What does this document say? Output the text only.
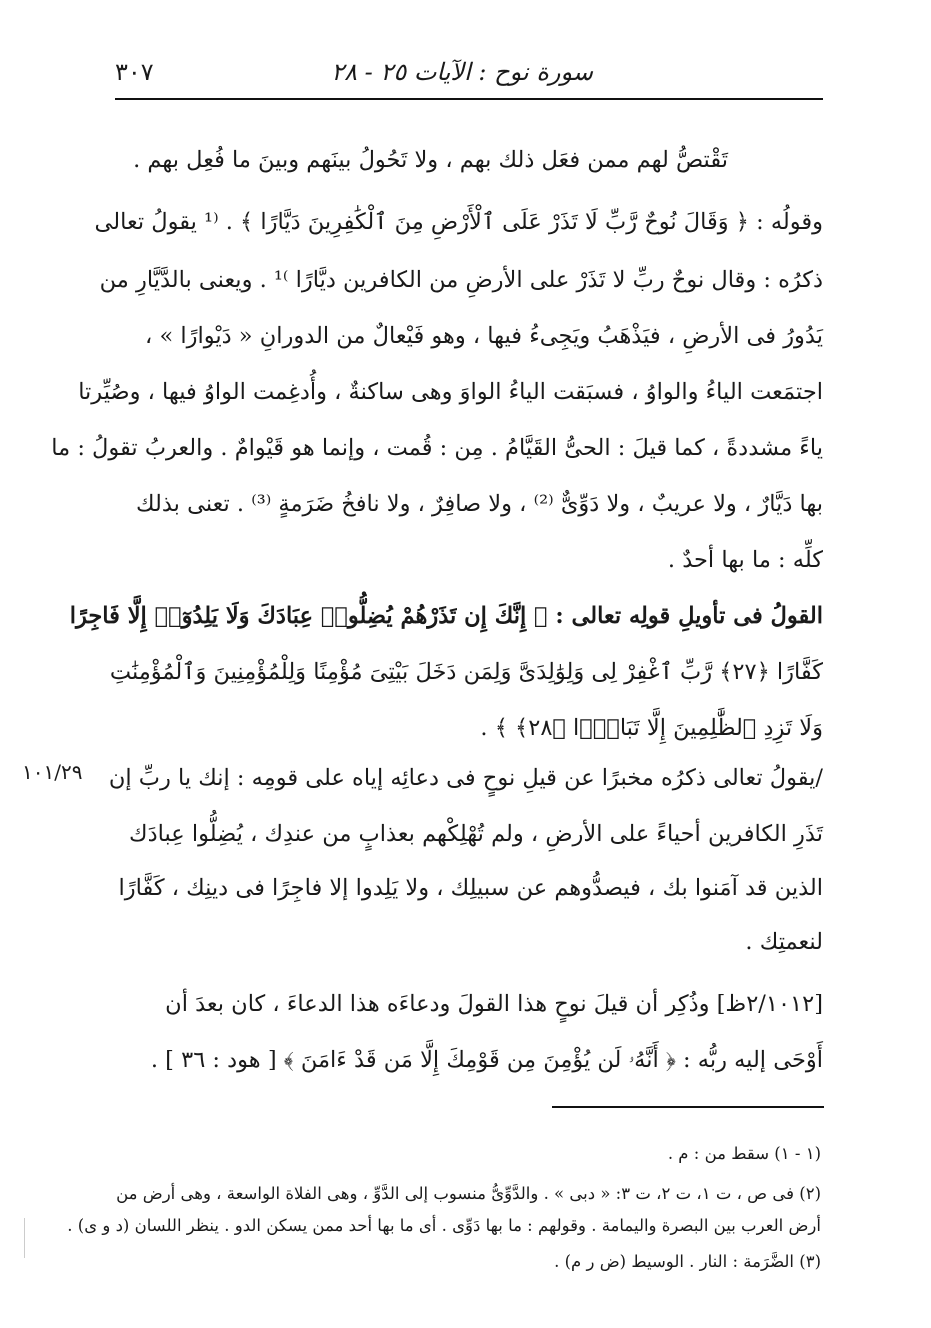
سورة نوح : الآيات ٢٥ - ٢٨
٣٠٧
١٠١/٢٩
تَقْتصُّ لهم ممن فعَل ذلك بهم ، ولا تَحُولُ بينَهم وبينَ ما فُعِل بهم .
وقولُه : ﴿ وَقَالَ نُوحٌ رَّبِّ لَا تَذَرْ عَلَى ٱلْأَرْضِ مِنَ ٱلْكَٰفِرِينَ دَيَّارًا ﴾ . ⁽¹ يقولُ تعالى
ذكرُه : وقال نوحٌ ربِّ لا تَذَرْ على الأرضِ من الكافرين ديَّارًا ⁾¹ . ويعنى بالدَّيَّارِ من
يَدُورُ فى الأرضِ ، فيَذْهَبُ ويَجِىءُ فيها ، وهو فَيْعالٌ من الدورانِ « دَيْوارًا » ،
اجتمَعت الياءُ والواوُ ، فسبَقت الياءُ الواوَ وهى ساكنةٌ ، وأُدغِمت الواوُ فيها ، وصُيِّرتا
ياءً مشددةً ، كما قيلَ : الحىُّ القَيَّامُ . مِن : قُمت ، وإنما هو قَيْوامٌ . والعربُ تقولُ : ما
بها دَيَّارٌ ، ولا عريبٌ ، ولا دَوِّىٌّ ⁽²⁾ ، ولا صافِرٌ ، ولا نافخُ ضَرَمةٍ ⁽³⁾ . تعنى بذلك
كلِّه : ما بها أحدٌ .
القولُ فى تأويلِ قولِه تعالى : ﴿ إِنَّكَ إِن تَذَرْهُمْ يُضِلُّوا۟ عِبَادَكَ وَلَا يَلِدُوٓا۟ إِلَّا فَاجِرًا
كَفَّارًا ﴿٢٧﴾ رَّبِّ ٱغْفِرْ لِى وَلِوَٰلِدَىَّ وَلِمَن دَخَلَ بَيْتِىَ مُؤْمِنًا وَلِلْمُؤْمِنِينَ وَٱلْمُؤْمِنَٰتِ
وَلَا تَزِدِ ٱلظَّٰلِمِينَ إِلَّا تَبَارًۢا ﴿٢٨﴾ ﴾ .
/يقولُ تعالى ذكرُه مخبرًا عن قيلِ نوحٍ فى دعائِه إياه على قومِه : إنك يا ربِّ إن
تَذَرِ الكافرين أحياءً على الأرضِ ، ولم تُهْلِكْهم بعذابٍ من عندِك ، يُضِلُّوا عِبادَك
الذين قد آمَنوا بك ، فيصدُّوهم عن سبيلِك ، ولا يَلِدوا إلا فاجِرًا فى دينِك ، كَفَّارًا
لنعمتِك .
[٢/١٠١٢ظ] وذُكِر أن قيلَ نوحٍ هذا القولَ ودعاءَه هذا الدعاءَ ، كان بعدَ أن
أَوْحَى إليه ربُّه : ﴿ أَنَّهُۥ لَن يُؤْمِنَ مِن قَوْمِكَ إِلَّا مَن قَدْ ءَامَنَ ﴾ [ هود : ٣٦ ] .
(١ - ١) سقط من : م .
(٢) فى ص ، ت ١، ت ٢، ت ٣: « دبى » . والدَّوِّىُّ منسوب إلى الدَّوِّ ، وهى الفلاة الواسعة ، وهى أرض من
أرض العرب بين البصرة واليمامة . وقولهم : ما بها دَوِّى . أى ما بها أحد ممن يسكن الدو . ينظر اللسان (د و ى) .
(٣) الضَّرَمة : النار . الوسيط (ض ر م) .
